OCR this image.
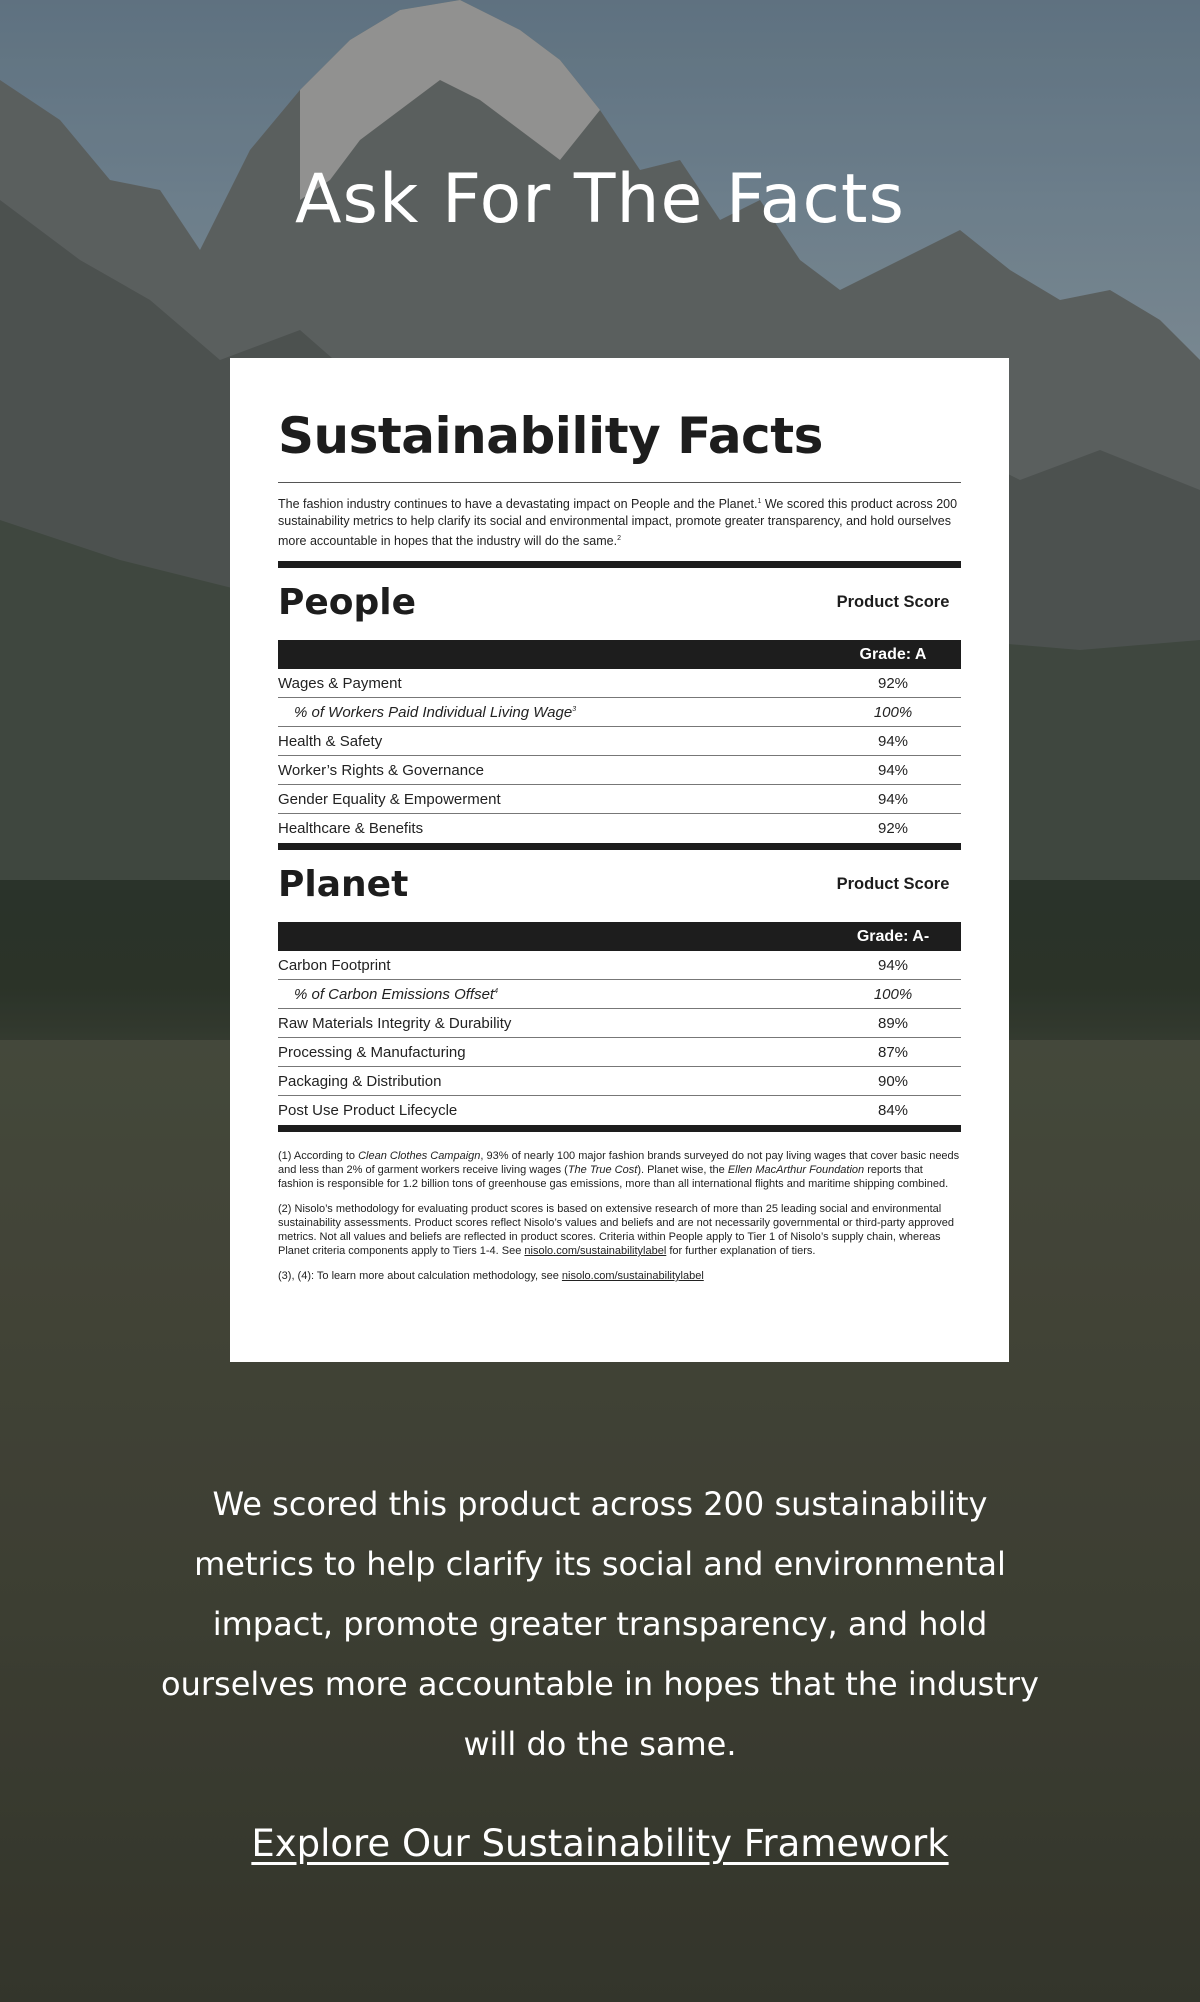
Ask For The Facts
Sustainability Facts

The fashion industry continues to have a devastating impact on People and the Planet.$^1$ We scored this product across 200 sustainability metrics to help clarify its social and environmental impact, promote greater transparency, and hold ourselves more accountable in hopes that the industry will do the same.$^2$

People	Product Score
Grade: A
Wages & Payment	92%
% of Workers Paid Individual Living Wage$^3$	100%
Health & Safety	94%
Worker’s Rights & Governance	94%
Gender Equality & Empowerment	94%
Healthcare & Benefits	92%
Planet	Product Score
Grade: A-
Carbon Footprint	94%
% of Carbon Emissions Offset$^4$	100%
Raw Materials Integrity & Durability	89%
Processing & Manufacturing	87%
Packaging & Distribution	90%
Post Use Product Lifecycle	84%

(1) According to Clean Clothes Campaign, 93% of nearly 100 major fashion brands surveyed do not pay living wages that cover basic needs and less than 2% of garment workers receive living wages (The True Cost). Planet wise, the Ellen MacArthur Foundation reports that fashion is responsible for 1.2 billion tons of greenhouse gas emissions, more than all international flights and maritime shipping combined.

(2) Nisolo’s methodology for evaluating product scores is based on extensive research of more than 25 leading social and environmental sustainability assessments. Product scores reflect Nisolo’s values and beliefs and are not necessarily governmental or third-party approved metrics. Not all values and beliefs are reflected in product scores. Criteria within People apply to Tier 1 of Nisolo’s supply chain, whereas Planet criteria components apply to Tiers 1-4. See nisolo.com/sustainabilitylabel for further explanation of tiers.

(3), (4): To learn more about calculation methodology, see nisolo.com/sustainabilitylabel

We scored this product across 200 sustainability metrics to help clarify its social and environmental impact, promote greater transparency, and hold ourselves more accountable in hopes that the industry will do the same.

Explore Our Sustainability Framework
